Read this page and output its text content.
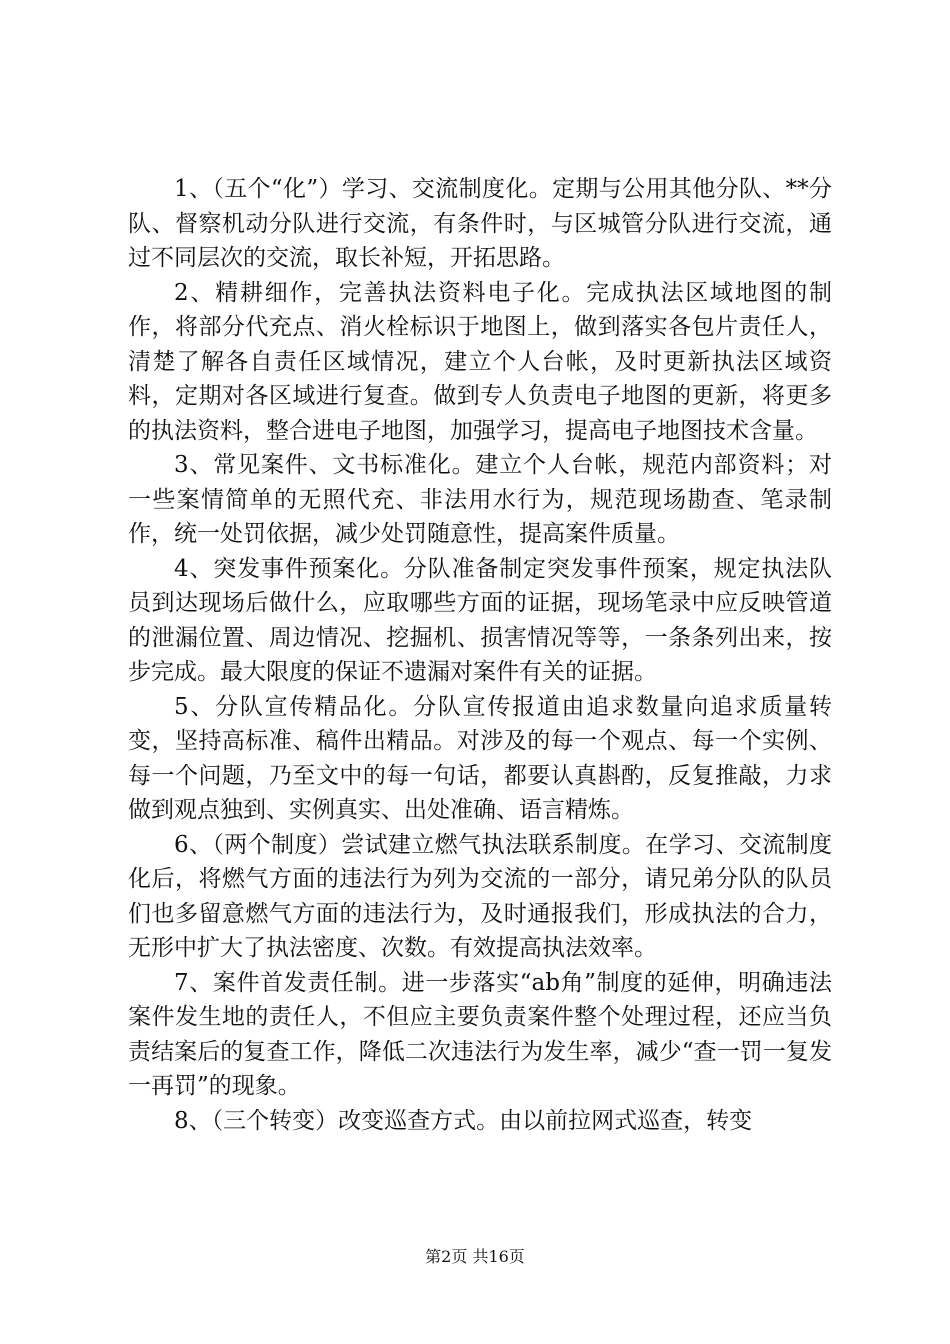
1、（五个“化”）学习、交流制度化。定期与公用其他分队、**分队、督察机动分队进行交流，有条件时，与区城管分队进行交流，通过不同层次的交流，取长补短，开拓思路。

2、精耕细作，完善执法资料电子化。完成执法区域地图的制作，将部分代充点、消火栓标识于地图上，做到落实各包片责任人，清楚了解各自责任区域情况，建立个人台帐，及时更新执法区域资料，定期对各区域进行复查。做到专人负责电子地图的更新，将更多的执法资料，整合进电子地图，加强学习，提高电子地图技术含量。

3、常见案件、文书标准化。建立个人台帐，规范内部资料；对一些案情简单的无照代充、非法用水行为，规范现场勘查、笔录制作，统一处罚依据，减少处罚随意性，提高案件质量。

4、突发事件预案化。分队准备制定突发事件预案，规定执法队员到达现场后做什么，应取哪些方面的证据，现场笔录中应反映管道的泄漏位置、周边情况、挖掘机、损害情况等等，一条条列出来，按步完成。最大限度的保证不遗漏对案件有关的证据。

5、分队宣传精品化。分队宣传报道由追求数量向追求质量转变，坚持高标准、稿件出精品。对涉及的每一个观点、每一个实例、每一个问题，乃至文中的每一句话，都要认真斟酌，反复推敲，力求做到观点独到、实例真实、出处准确、语言精炼。

6、（两个制度）尝试建立燃气执法联系制度。在学习、交流制度化后，将燃气方面的违法行为列为交流的一部分，请兄弟分队的队员们也多留意燃气方面的违法行为，及时通报我们，形成执法的合力，无形中扩大了执法密度、次数。有效提高执法效率。

7、案件首发责任制。进一步落实“ab角”制度的延伸，明确违法案件发生地的责任人，不但应主要负责案件整个处理过程，还应当负责结案后的复查工作，降低二次违法行为发生率，减少“查一罚一复发一再罚”的现象。

8、（三个转变）改变巡查方式。由以前拉网式巡查，转变

第2页 共16页
